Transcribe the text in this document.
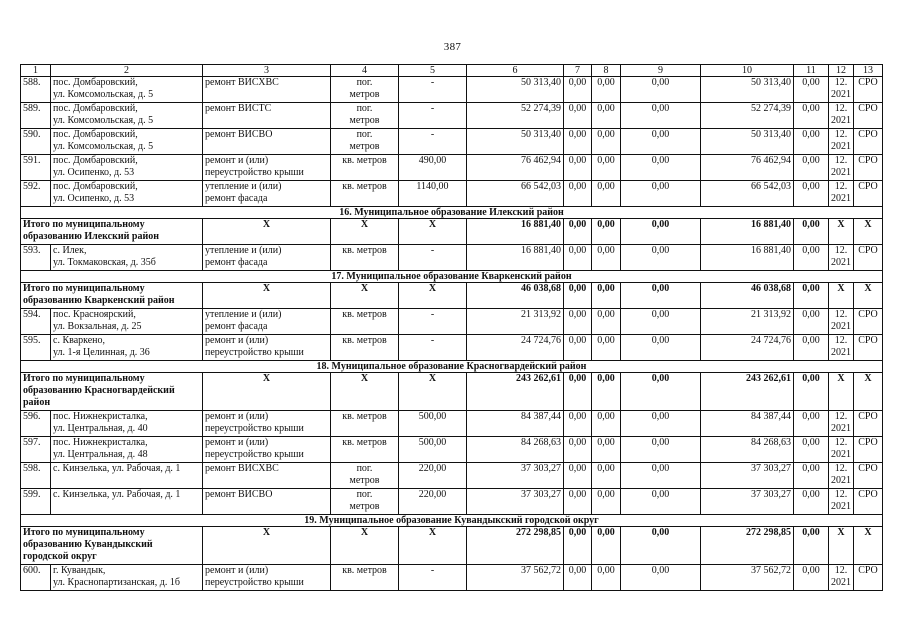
387
1	2	3	4	5	6	7	8	9	10	11	12	13
588.	пос. Домбаровский,
ул. Комсомольская, д. 5	ремонт ВИСХВС	пог.
метров	-	50 313,40	0,00	0,00	0,00	50 313,40	0,00	12.
2021	СРО
589.	пос. Домбаровский,
ул. Комсомольская, д. 5	ремонт ВИСТС	пог.
метров	-	52 274,39	0,00	0,00	0,00	52 274,39	0,00	12.
2021	СРО
590.	пос. Домбаровский,
ул. Комсомольская, д. 5	ремонт ВИСВО	пог.
метров	-	50 313,40	0,00	0,00	0,00	50 313,40	0,00	12.
2021	СРО
591.	пос. Домбаровский,
ул. Осипенко, д. 53	ремонт и (или)
переустройство крыши	кв. метров	490,00	76 462,94	0,00	0,00	0,00	76 462,94	0,00	12.
2021	СРО
592.	пос. Домбаровский,
ул. Осипенко, д. 53	утепление и (или)
ремонт фасада	кв. метров	1140,00	66 542,03	0,00	0,00	0,00	66 542,03	0,00	12.
2021	СРО
16. Муниципальное образование Илекский район												

Итого по муниципальному
образованию Илекский район		Х	Х	Х	16 881,40	0,00	0,00	0,00	16 881,40	0,00	Х	Х
593.	с. Илек,
ул. Токмаковская, д. 35б	утепление и (или)
ремонт фасада	кв. метров	-	16 881,40	0,00	0,00	0,00	16 881,40	0,00	12.
2021	СРО
17. Муниципальное образование Кваркенский район												

Итого по муниципальному
образованию Кваркенский район		Х	Х	Х	46 038,68	0,00	0,00	0,00	46 038,68	0,00	Х	Х
594.	пос. Красноярский,
ул. Вокзальная, д. 25	утепление и (или)
ремонт фасада	кв. метров	-	21 313,92	0,00	0,00	0,00	21 313,92	0,00	12.
2021	СРО
595.	с. Кваркено,
ул. 1-я Целинная, д. 36	ремонт и (или)
переустройство крыши	кв. метров	-	24 724,76	0,00	0,00	0,00	24 724,76	0,00	12.
2021	СРО
18. Муниципальное образование Красногвардейский район												

Итого по муниципальному
образованию Красногвардейский
район		Х	Х	Х	243 262,61	0,00	0,00	0,00	243 262,61	0,00	Х	Х
596.	пос. Нижнекристалка,
ул. Центральная, д. 40	ремонт и (или)
переустройство крыши	кв. метров	500,00	84 387,44	0,00	0,00	0,00	84 387,44	0,00	12.
2021	СРО
597.	пос. Нижнекристалка,
ул. Центральная, д. 48	ремонт и (или)
переустройство крыши	кв. метров	500,00	84 268,63	0,00	0,00	0,00	84 268,63	0,00	12.
2021	СРО
598.	с. Кинзелька, ул. Рабочая, д. 1	ремонт ВИСХВС	пог.
метров	220,00	37 303,27	0,00	0,00	0,00	37 303,27	0,00	12.
2021	СРО
599.	с. Кинзелька, ул. Рабочая, д. 1	ремонт ВИСВО	пог.
метров	220,00	37 303,27	0,00	0,00	0,00	37 303,27	0,00	12.
2021	СРО
19. Муниципальное образование Кувандыкский городской округ												

Итого по муниципальному
образованию Кувандыкский
городской округ		Х	Х	Х	272 298,85	0,00	0,00	0,00	272 298,85	0,00	Х	Х
600.	г. Кувандык,
ул. Краснопартизанская, д. 1б	ремонт и (или)
переустройство крыши	кв. метров	-	37 562,72	0,00	0,00	0,00	37 562,72	0,00	12.
2021	СРО
